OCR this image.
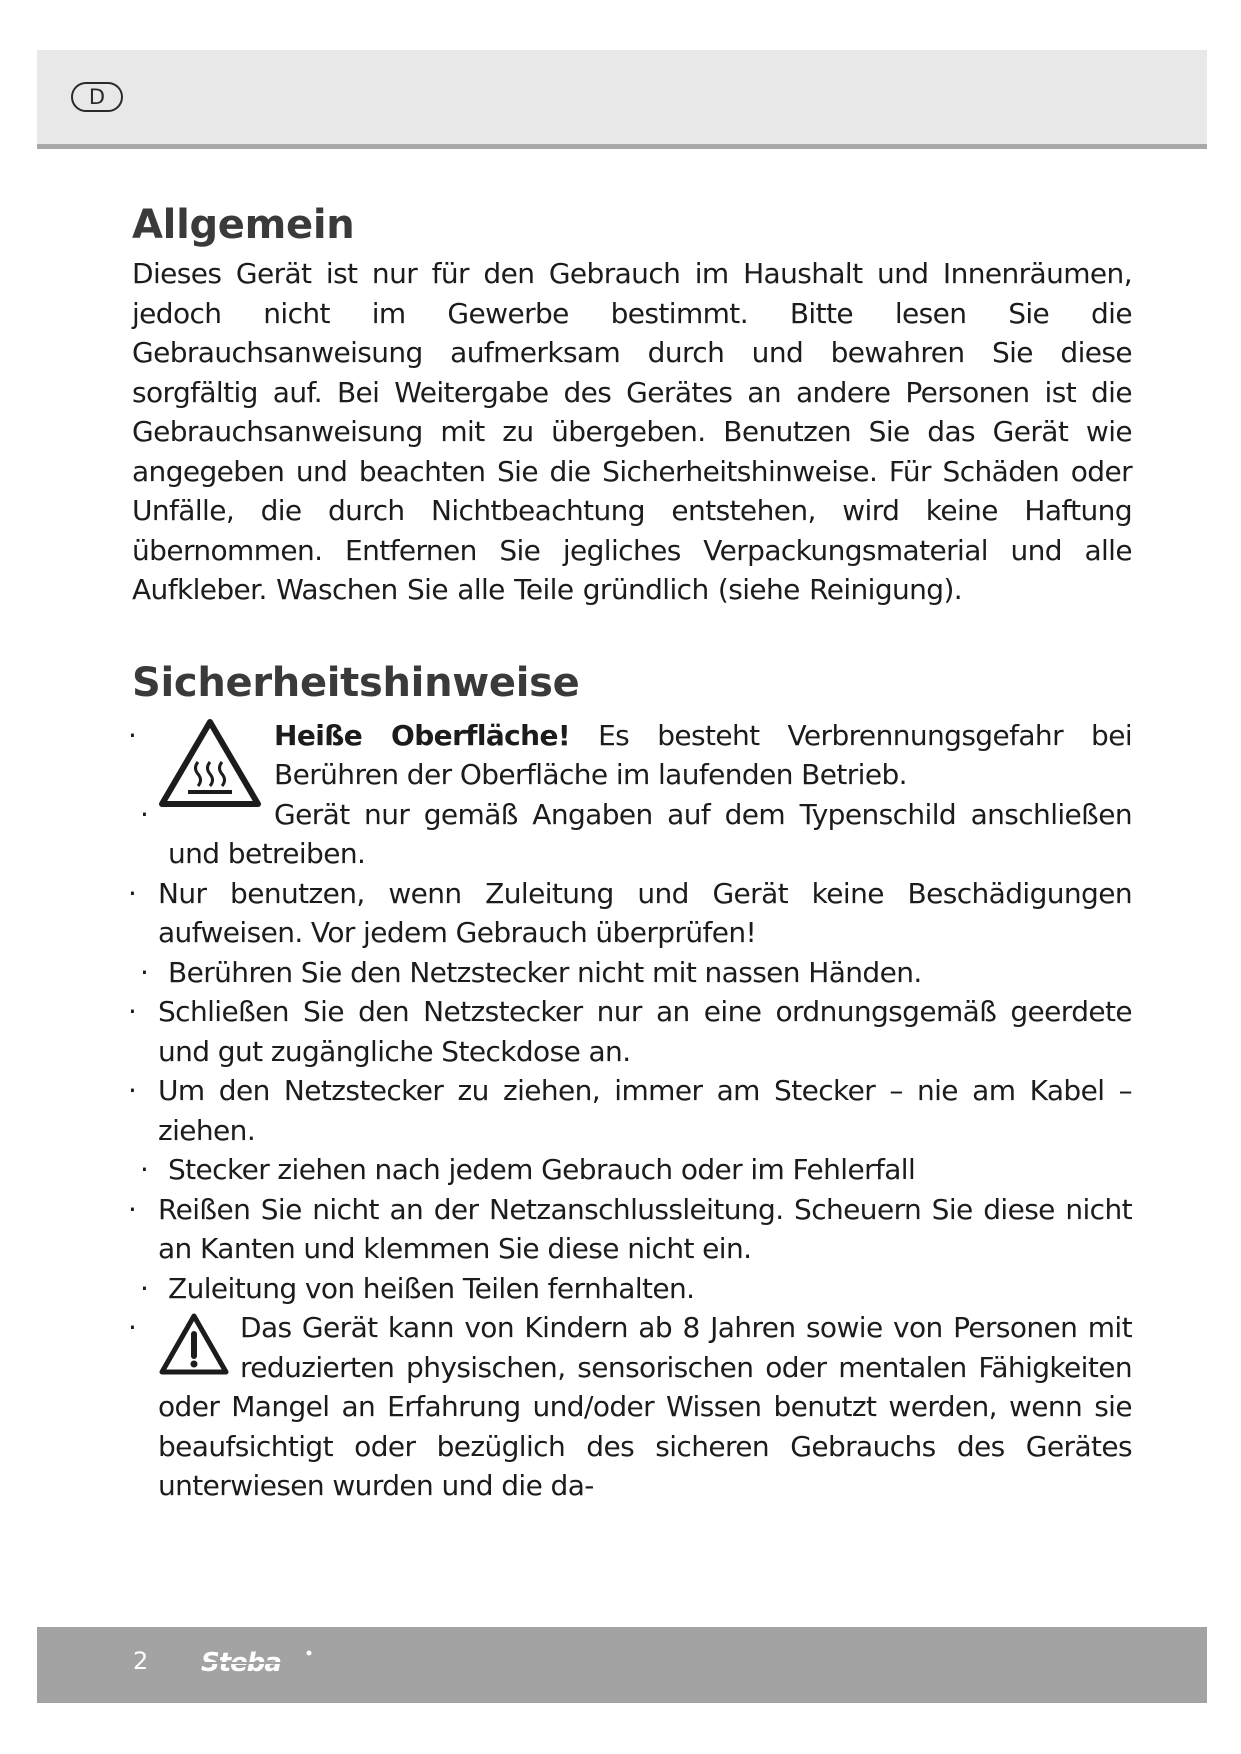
D
Allgemein

Dieses Gerät ist nur für den Gebrauch im Haushalt und Innenräumen, jedoch nicht im Gewerbe bestimmt. Bitte lesen Sie die Gebrauchsanweisung aufmerksam durch und bewahren Sie diese sorgfältig auf. Bei Weitergabe des Gerätes an andere Personen ist die Gebrauchsanweisung mit zu übergeben. Benutzen Sie das Gerät wie angegeben und beachten Sie die Sicherheitshinweise. Für Schäden oder Unfälle, die durch Nichtbeachtung entstehen, wird keine Haftung übernommen. Entfernen Sie jegliches Verpackungsmaterial und alle Aufkleber. Waschen Sie alle Teile gründlich (siehe Reinigung).

Sicherheitshinweise
·	Heiße Oberfläche! Es besteht Verbrennungsgefahr bei Berühren der Oberfläche im laufenden Betrieb.
·	Gerät nur gemäß Angaben auf dem Typenschild anschließen und betreiben.
· Nur benutzen, wenn Zuleitung und Gerät keine Beschädigungen aufweisen. Vor jedem Gebrauch überprüfen!
· Berühren Sie den Netzstecker nicht mit nassen Händen.
· Schließen Sie den Netzstecker nur an eine ordnungsgemäß geerdete und gut zugängliche Steckdose an.
· Um den Netzstecker zu ziehen, immer am Stecker – nie am Kabel – ziehen.
· Stecker ziehen nach jedem Gebrauch oder im Fehlerfall
· Reißen Sie nicht an der Netzanschlussleitung. Scheuern Sie diese nicht an Kanten und klemmen Sie diese nicht ein.
· Zuleitung von heißen Teilen fernhalten.
·	Das Gerät kann von Kindern ab 8 Jahren sowie von Personen mit reduzierten physischen, sensorischen oder mentalen Fähigkeiten oder Mangel an Erfahrung und/oder Wissen benutzt werden, wenn sie beaufsichtigt oder bezüglich des sicheren Gebrauchs des Gerätes unterwiesen wurden und die da-
2 Steba
